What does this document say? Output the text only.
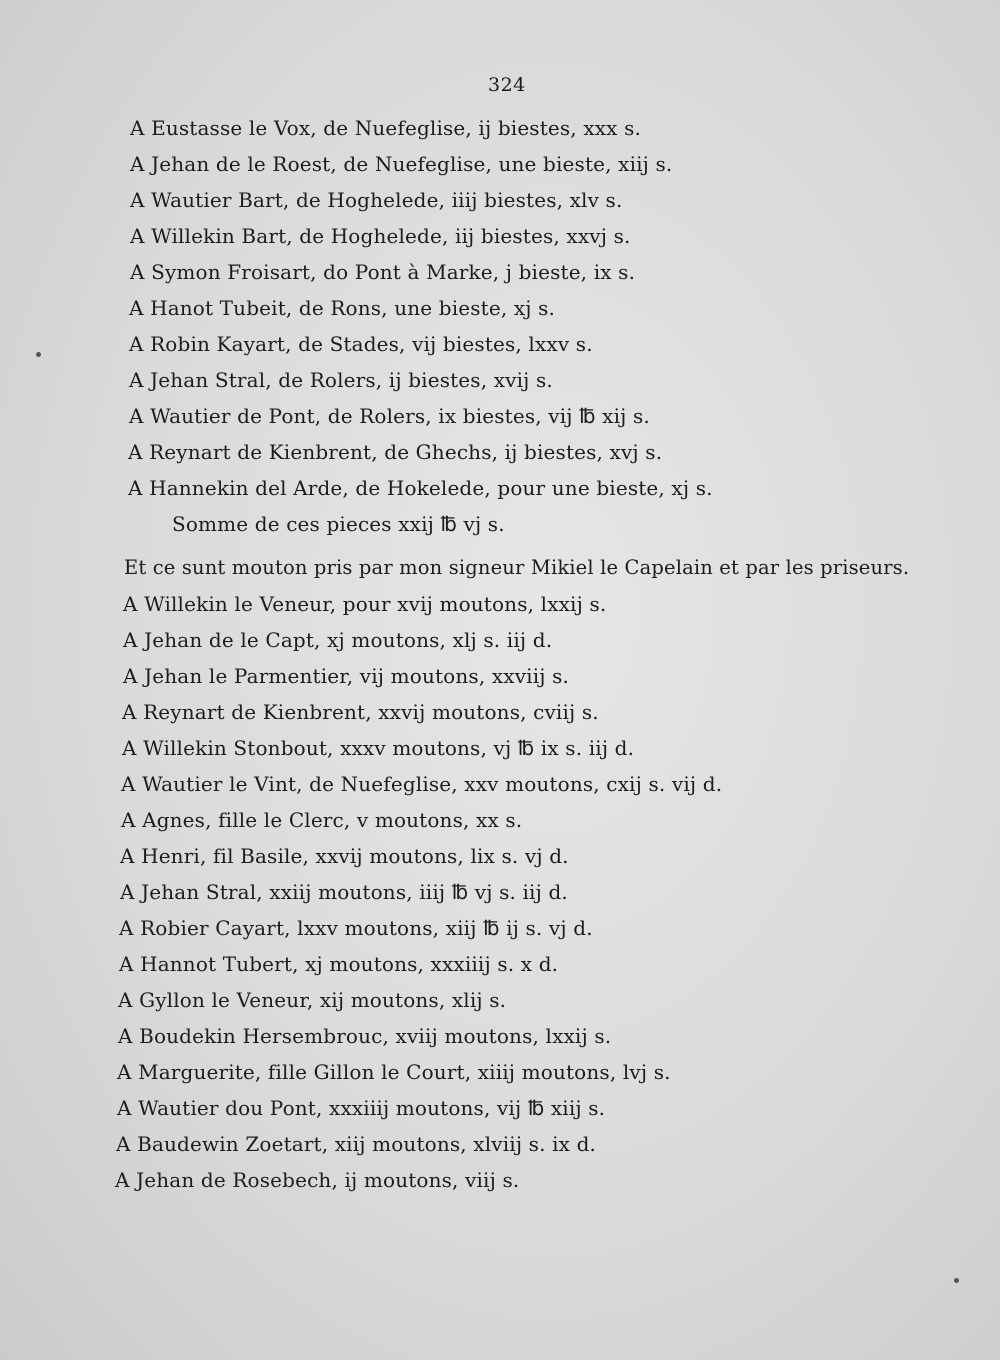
324
A Eustasse le Vox, de Nuefeglise, ij biestes, xxx s.
A Jehan de le Roest, de Nuefeglise, une bieste, xiij s.
A Wautier Bart, de Hoghelede, iiij biestes, xlv s.
A Willekin Bart, de Hoghelede, iij biestes, xxvj s.
A Symon Froisart, do Pont à Marke, j bieste, ix s.
A Hanot Tubeit, de Rons, une bieste, xj s.
A Robin Kayart, de Stades, vij biestes, lxxv s.
A Jehan Stral, de Rolers, ij biestes, xvij s.
A Wautier de Pont, de Rolers, ix biestes, vij ℔ xij s.
A Reynart de Kienbrent, de Ghechs, ij biestes, xvj s.
A Hannekin del Arde, de Hokelede, pour une bieste, xj s.
Somme de ces pieces xxij ℔ vj s.
Et ce sunt mouton pris par mon signeur Mikiel le Capelain et par les priseurs.
A Willekin le Veneur, pour xvij moutons, lxxij s.
A Jehan de le Capt, xj moutons, xlj s. iij d.
A Jehan le Parmentier, vij moutons, xxviij s.
A Reynart de Kienbrent, xxvij moutons, cviij s.
A Willekin Stonbout, xxxv moutons, vj ℔ ix s. iij d.
A Wautier le Vint, de Nuefeglise, xxv moutons, cxij s. vij d.
A Agnes, fille le Clerc, v moutons, xx s.
A Henri, fil Basile, xxvij moutons, lix s. vj d.
A Jehan Stral, xxiij moutons, iiij ℔ vj s. iij d.
A Robier Cayart, lxxv moutons, xiij ℔ ij s. vj d.
A Hannot Tubert, xj moutons, xxxiiij s. x d.
A Gyllon le Veneur, xij moutons, xlij s.
A Boudekin Hersembrouc, xviij moutons, lxxij s.
A Marguerite, fille Gillon le Court, xiiij moutons, lvj s.
A Wautier dou Pont, xxxiiij moutons, vij ℔ xiij s.
A Baudewin Zoetart, xiij moutons, xlviij s. ix d.
A Jehan de Rosebech, ij moutons, viij s.
